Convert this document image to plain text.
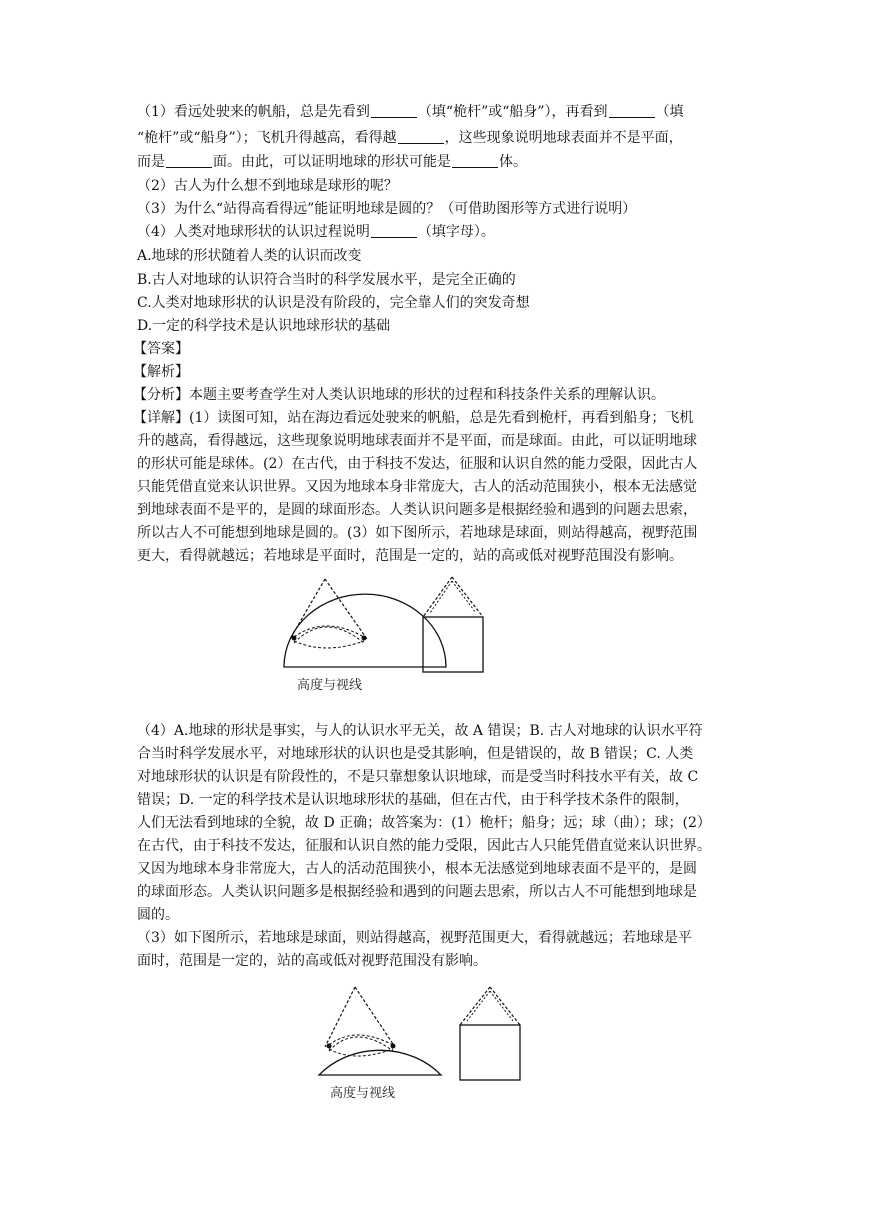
（1）看远处驶来的帆船，总是先看到	（填“桅杆”或“船身”），再看到	（填
“桅杆”或“船身”）；飞机升得越高，看得越	，这些现象说明地球表面并不是平面，
而是	面。由此，可以证明地球的形状可能是	体。
（2）古人为什么想不到地球是球形的呢？
（3）为什么“站得高看得远”能证明地球是圆的？（可借助图形等方式进行说明）
（4）人类对地球形状的认识过程说明	（填字母）。
A.地球的形状随着人类的认识而改变
B.古人对地球的认识符合当时的科学发展水平，是完全正确的
C.人类对地球形状的认识是没有阶段的，完全靠人们的突发奇想
D.一定的科学技术是认识地球形状的基础
【答案】
【解析】
【分析】本题主要考查学生对人类认识地球的形状的过程和科技条件关系的理解认识。
【详解】(1）读图可知，站在海边看远处驶来的帆船，总是先看到桅杆，再看到船身；飞机
升的越高，看得越远，这些现象说明地球表面并不是平面，而是球面。由此，可以证明地球
的形状可能是球体。(2）在古代，由于科技不发达，征服和认识自然的能力受限，因此古人
只能凭借直觉来认识世界。又因为地球本身非常庞大，古人的活动范围狭小，根本无法感觉
到地球表面不是平的，是圆的球面形态。人类认识问题多是根据经验和遇到的问题去思索，
所以古人不可能想到地球是圆的。(3）如下图所示，若地球是球面，则站得越高，视野范围
更大，看得就越远；若地球是平面时，范围是一定的，站的高或低对视野范围没有影响。
高度与视线
（4）A.地球的形状是事实，与人的认识水平无关，故 A 错误；B. 古人对地球的认识水平符
合当时科学发展水平，对地球形状的认识也是受其影响，但是错误的，故 B 错误；C. 人类
对地球形状的认识是有阶段性的，不是只靠想象认识地球，而是受当时科技水平有关，故 C
错误；D. 一定的科学技术是认识地球形状的基础，但在古代，由于科学技术条件的限制，
人们无法看到地球的全貌，故 D 正确；故答案为：(1）桅杆；船身；远；球（曲）；球；(2）
在古代，由于科技不发达，征服和认识自然的能力受限，因此古人只能凭借直觉来认识世界。
又因为地球本身非常庞大，古人的活动范围狭小，根本无法感觉到地球表面不是平的，是圆
的球面形态。人类认识问题多是根据经验和遇到的问题去思索，所以古人不可能想到地球是
圆的。
（3）如下图所示，若地球是球面，则站得越高，视野范围更大，看得就越远；若地球是平
面时，范围是一定的，站的高或低对视野范围没有影响。
高度与视线
